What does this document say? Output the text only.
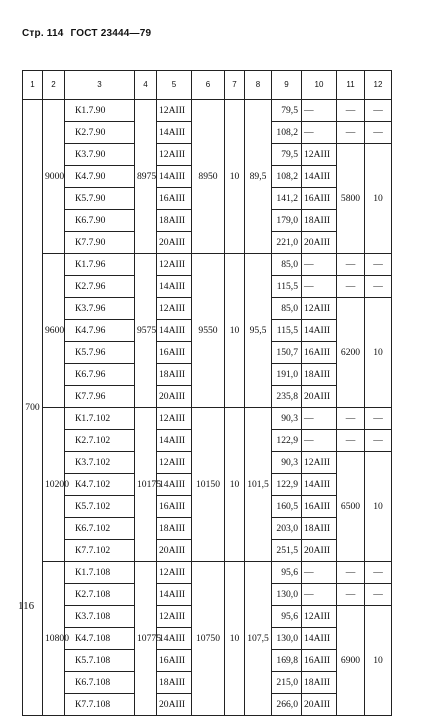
Стр. 114 ГОСТ 23444—79
1	2	3	4	5	6	7	8	9	10	11	12
700	9000	К1.7.90	8975	12АIII	8950	10	89,5	79,5	—	—	—
		К2.7.90		14АIII				108,2	—	—	—
		К3.7.90		12АIII				79,5	12АIII	5800	10
		К4.7.90		14АIII				108,2	14АIII		
		К5.7.90		16АIII				141,2	16АIII		
		К6.7.90		18АIII				179,0	18АIII		
		К7.7.90		20АIII				221,0	20АIII		
	9600	К1.7.96	9575	12АIII	9550	10	95,5	85,0	—	—	—
		К2.7.96		14АIII				115,5	—	—	—
		К3.7.96		12АIII				85,0	12АIII	6200	10
		К4.7.96		14АIII				115,5	14АIII		
		К5.7.96		16АIII				150,7	16АIII		
		К6.7.96		18АIII				191,0	18АIII		
		К7.7.96		20АIII				235,8	20АIII		
	10200	К1.7.102	10175	12АIII	10150	10	101,5	90,3	—	—	—
		К2.7.102		14АIII				122,9	—	—	—
		К3.7.102		12АIII				90,3	12АIII	6500	10
		К4.7.102		14АIII				122,9	14АIII		
		К5.7.102		16АIII				160,5	16АIII		
		К6.7.102		18АIII				203,0	18АIII		
		К7.7.102		20АIII				251,5	20АIII		
	10800	К1.7.108	10775	12АIII	10750	10	107,5	95,6	—	—	—
		К2.7.108		14АIII				130,0	—	—	—
		К3.7.108		12АIII				95,6	12АIII	6900	10
		К4.7.108		14АIII				130,0	14АIII		
		К5.7.108		16АIII				169,8	16АIII		
		К6.7.108		18АIII				215,0	18АIII		
		К7.7.108		20АIII				266,0	20АIII		
116
